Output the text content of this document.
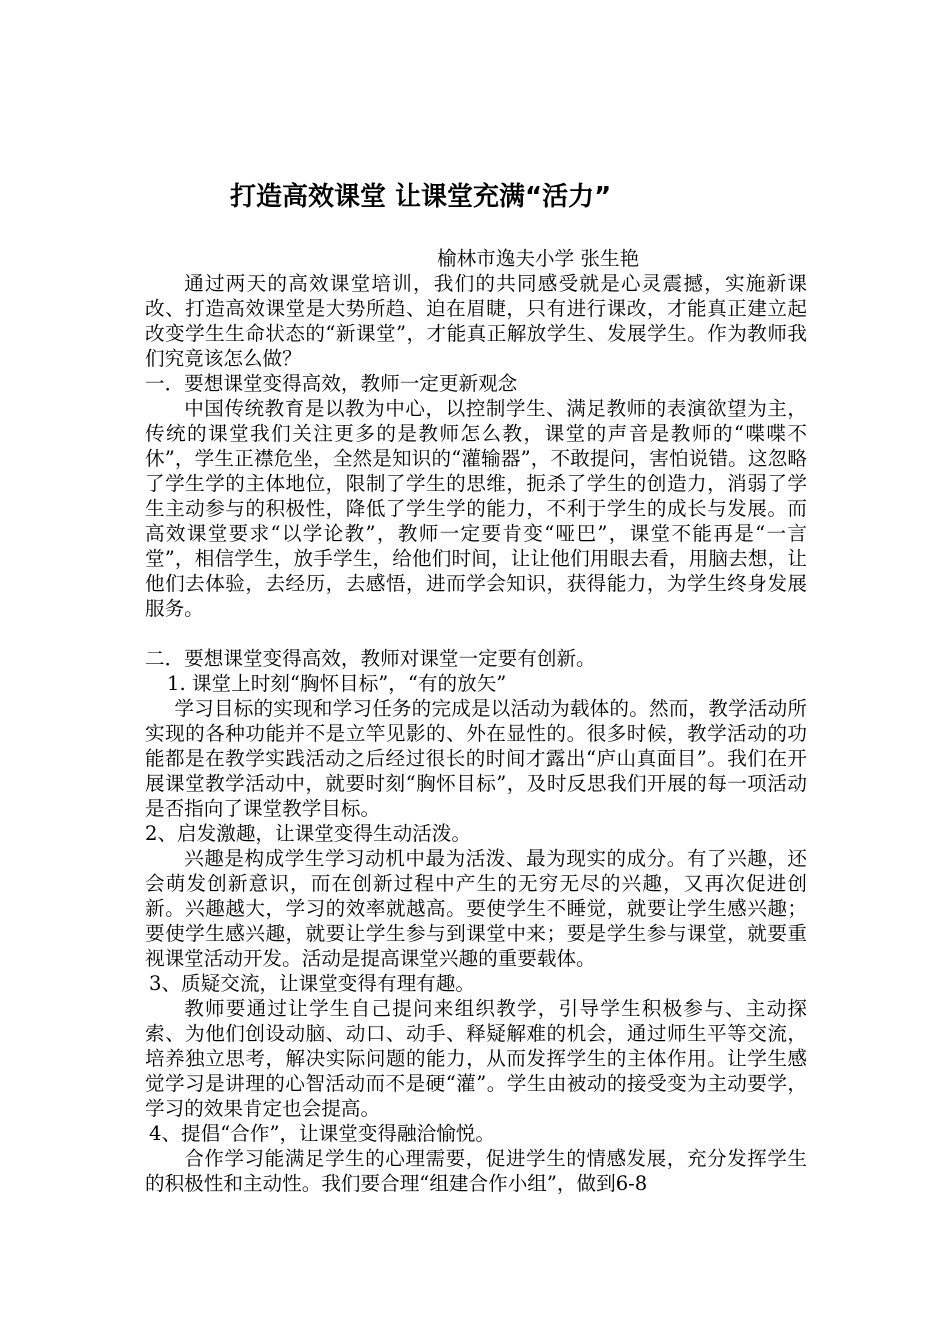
打造高效课堂 让课堂充满“活力”
榆林市逸夫小学 张生艳

通过两天的高效课堂培训，我们的共同感受就是心灵震撼，实施新课改、打造高效课堂是大势所趋、迫在眉睫，只有进行课改，才能真正建立起改变学生生命状态的“新课堂”，才能真正解放学生、发展学生。作为教师我们究竟该怎么做？

一．要想课堂变得高效，教师一定更新观念

中国传统教育是以教为中心，以控制学生、满足教师的表演欲望为主，传统的课堂我们关注更多的是教师怎么教，课堂的声音是教师的“喋喋不休”，学生正襟危坐，全然是知识的“灌输器”，不敢提问，害怕说错。这忽略了学生学的主体地位，限制了学生的思维，扼杀了学生的创造力，消弱了学生主动参与的积极性，降低了学生学的能力，不利于学生的成长与发展。而高效课堂要求“以学论教”，教师一定要肯变“哑巴”，课堂不能再是“一言堂”，相信学生，放手学生，给他们时间，让让他们用眼去看，用脑去想，让他们去体验，去经历，去感悟，进而学会知识，获得能力，为学生终身发展服务。

二．要想课堂变得高效，教师对课堂一定要有创新。

1. 课堂上时刻“胸怀目标”，“有的放矢”

学习目标的实现和学习任务的完成是以活动为载体的。然而，教学活动所实现的各种功能并不是立竿见影的、外在显性的。很多时候，教学活动的功能都是在教学实践活动之后经过很长的时间才露出“庐山真面目”。我们在开展课堂教学活动中，就要时刻“胸怀目标”，及时反思我们开展的每一项活动是否指向了课堂教学目标。

2、启发激趣，让课堂变得生动活泼。

兴趣是构成学生学习动机中最为活泼、最为现实的成分。有了兴趣，还会萌发创新意识，而在创新过程中产生的无穷无尽的兴趣，又再次促进创新。兴趣越大，学习的效率就越高。要使学生不睡觉，就要让学生感兴趣；要使学生感兴趣，就要让学生参与到课堂中来；要是学生参与课堂，就要重视课堂活动开发。活动是提高课堂兴趣的重要载体。

3、质疑交流，让课堂变得有理有趣。

教师要通过让学生自己提问来组织教学，引导学生积极参与、主动探索、为他们创设动脑、动口、动手、释疑解难的机会，通过师生平等交流，培养独立思考，解决实际问题的能力，从而发挥学生的主体作用。让学生感觉学习是讲理的心智活动而不是硬“灌”。学生由被动的接受变为主动要学，学习的效果肯定也会提高。

4、提倡“合作”，让课堂变得融洽愉悦。

合作学习能满足学生的心理需要，促进学生的情感发展，充分发挥学生的积极性和主动性。我们要合理“组建合作小组”，做到6-8
